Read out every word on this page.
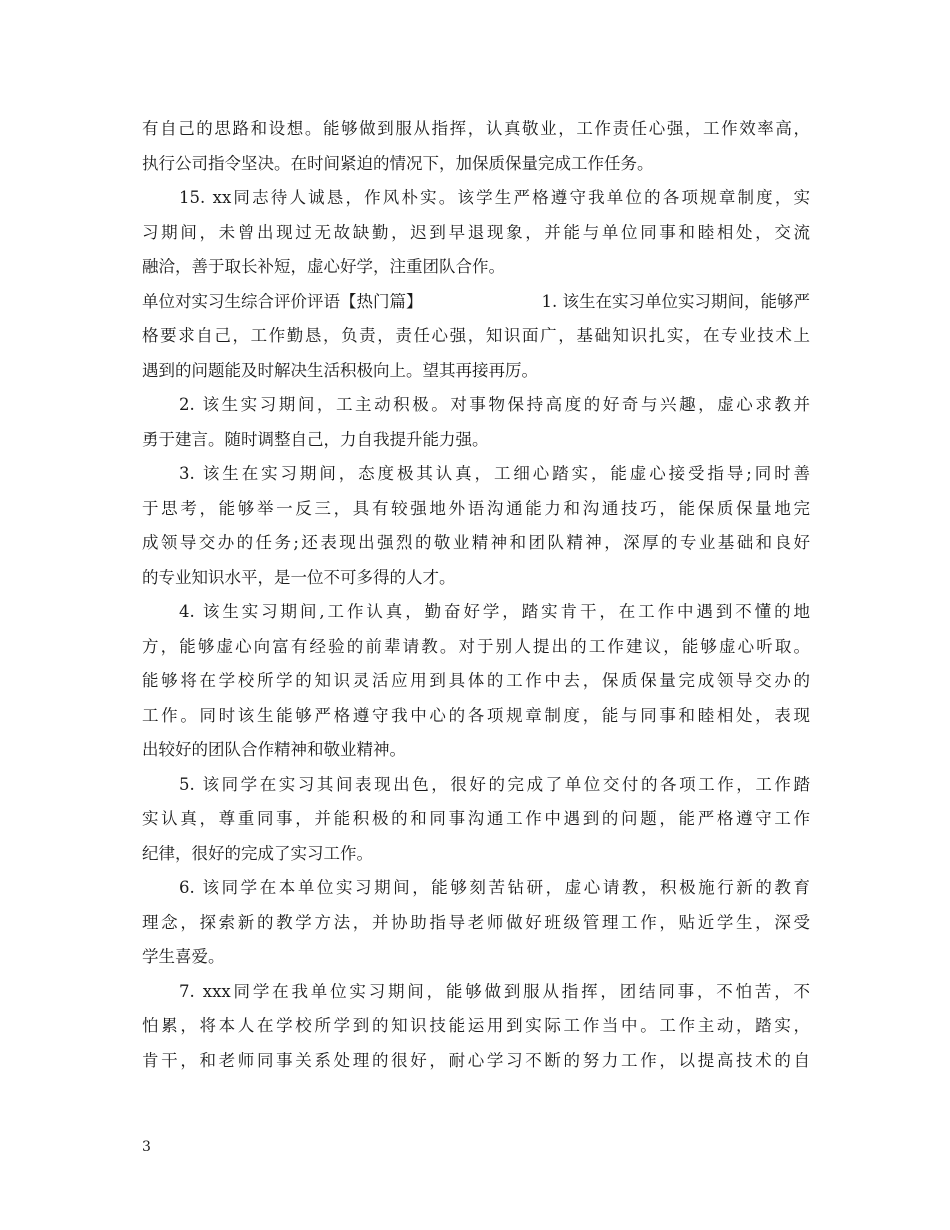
有自己的思路和设想。能够做到服从指挥，认真敬业，工作责任心强，工作效率高，
执行公司指令坚决。在时间紧迫的情况下，加保质保量完成工作任务。
15. xx同志待人诚恳，作风朴实。该学生严格遵守我单位的各项规章制度，实
习期间，未曾出现过无故缺勤，迟到早退现象，并能与单位同事和睦相处，交流
融洽，善于取长补短，虚心好学，注重团队合作。
单位对实习生综合评价评语【热门篇】	1. 该生在实习单位实习期间，能够严
格要求自己，工作勤恳，负责，责任心强，知识面广，基础知识扎实，在专业技术上
遇到的问题能及时解决生活积极向上。望其再接再厉。
2. 该生实习期间，工主动积极。对事物保持高度的好奇与兴趣，虚心求教并
勇于建言。随时调整自己，力自我提升能力强。
3. 该生在实习期间，态度极其认真，工细心踏实，能虚心接受指导;同时善
于思考，能够举一反三，具有较强地外语沟通能力和沟通技巧，能保质保量地完
成领导交办的任务;还表现出强烈的敬业精神和团队精神，深厚的专业基础和良好
的专业知识水平，是一位不可多得的人才。
4. 该生实习期间,工作认真，勤奋好学，踏实肯干，在工作中遇到不懂的地
方，能够虚心向富有经验的前辈请教。对于别人提出的工作建议，能够虚心听取。
能够将在学校所学的知识灵活应用到具体的工作中去，保质保量完成领导交办的
工作。同时该生能够严格遵守我中心的各项规章制度，能与同事和睦相处，表现
出较好的团队合作精神和敬业精神。
5. 该同学在实习其间表现出色，很好的完成了单位交付的各项工作，工作踏
实认真，尊重同事，并能积极的和同事沟通工作中遇到的问题，能严格遵守工作
纪律，很好的完成了实习工作。
6. 该同学在本单位实习期间，能够刻苦钻研，虚心请教，积极施行新的教育
理念，探索新的教学方法，并协助指导老师做好班级管理工作，贴近学生，深受
学生喜爱。
7. xxx同学在我单位实习期间，能够做到服从指挥，团结同事，不怕苦，不
怕累，将本人在学校所学到的知识技能运用到实际工作当中。工作主动，踏实，
肯干，和老师同事关系处理的很好，耐心学习不断的努力工作，以提高技术的自
3
